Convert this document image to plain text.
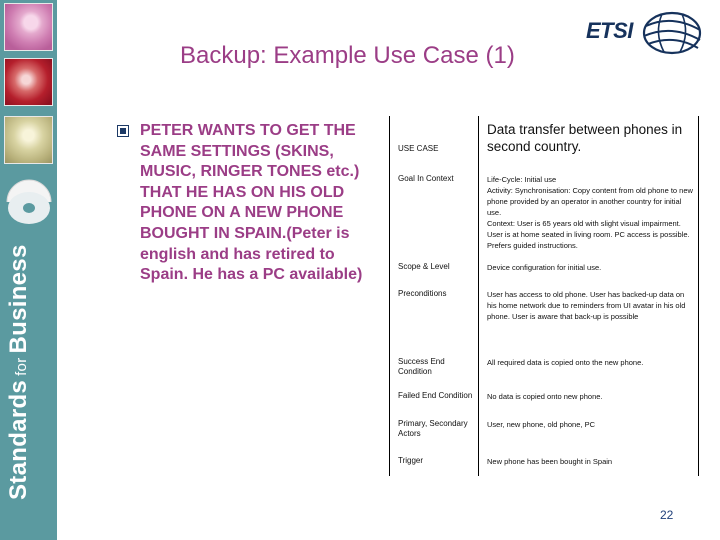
StandardsforBusiness
ETSI
Backup: Example Use Case (1)
PETER WANTS TO GET THE SAME SETTINGS (SKINS, MUSIC, RINGER TONES etc.) THAT HE HAS ON HIS OLD PHONE ON A NEW PHONE BOUGHT IN SPAIN.(Peter is english and has retired to Spain. He has a PC available)
USE CASE	Data transfer between phones in second country.
Goal In Context	Life-Cycle: Initial use
Activity: Synchronisation: Copy content from old phone to new phone provided by an operator in another country for initial use.
Context: User is 65 years old with slight visual impairment. User is at home seated in living room. PC access is possible. Prefers guided instructions.
Scope & Level	Device configuration for initial use.
Preconditions	User has access to old phone. User has backed-up data on his home network due to reminders from UI avatar in his old phone. User is aware that back-up is possible
Success End Condition	All required data is copied onto the new phone.
Failed End Condition	No data is copied onto new phone.
Primary, Secondary Actors	User, new phone, old phone, PC
Trigger	New phone has been bought in Spain
22
